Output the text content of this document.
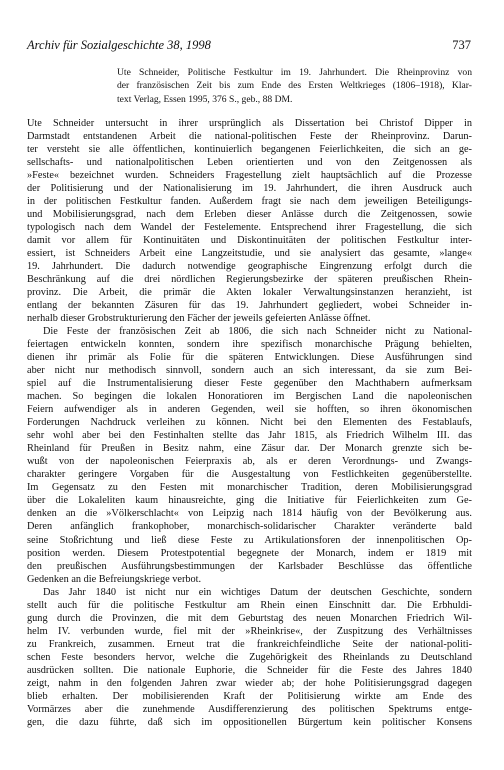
Archiv für Sozialgeschichte 38, 1998	737
Ute Schneider, Politische Festkultur im 19. Jahrhundert. Die Rheinprovinz von
der französischen Zeit bis zum Ende des Ersten Weltkrieges (1806–1918), Klar-
text Verlag, Essen 1995, 376 S., geb., 88 DM.

Ute Schneider untersucht in ihrer ursprünglich als Dissertation bei Christof Dipper in
Darmstadt entstandenen Arbeit die national-politischen Feste der Rheinprovinz. Darun-
ter versteht sie alle öffentlichen, kontinuierlich begangenen Feierlichkeiten, die sich an ge-
sellschafts- und nationalpolitischen Leben orientierten und von den Zeitgenossen als
»Feste« bezeichnet wurden. Schneiders Fragestellung zielt hauptsächlich auf die Prozesse
der Politisierung und der Nationalisierung im 19. Jahrhundert, die ihren Ausdruck auch
in der politischen Festkultur fanden. Außerdem fragt sie nach dem jeweiligen Beteiligungs-
und Mobilisierungsgrad, nach dem Erleben dieser Anlässe durch die Zeitgenossen, sowie
typologisch nach dem Wandel der Festelemente. Entsprechend ihrer Fragestellung, die sich
damit vor allem für Kontinuitäten und Diskontinuitäten der politischen Festkultur inter-
essiert, ist Schneiders Arbeit eine Langzeitstudie, und sie analysiert das gesamte, »lange«
19. Jahrhundert. Die dadurch notwendige geographische Eingrenzung erfolgt durch die
Beschränkung auf die drei nördlichen Regierungsbezirke der späteren preußischen Rhein-
provinz. Die Arbeit, die primär die Akten lokaler Verwaltungsinstanzen heranzieht, ist
entlang der bekannten Zäsuren für das 19. Jahrhundert gegliedert, wobei Schneider in-
nerhalb dieser Grobstrukturierung den Fächer der jeweils gefeierten Anlässe öffnet.

Die Feste der französischen Zeit ab 1806, die sich nach Schneider nicht zu National-
feiertagen entwickeln konnten, sondern ihre spezifisch monarchische Prägung behielten,
dienen ihr primär als Folie für die späteren Entwicklungen. Diese Ausführungen sind
aber nicht nur methodisch sinnvoll, sondern auch an sich interessant, da sie zum Bei-
spiel auf die Instrumentalisierung dieser Feste gegenüber den Machthabern aufmerksam
machen. So begingen die lokalen Honoratioren im Bergischen Land die napoleonischen
Feiern aufwendiger als in anderen Gegenden, weil sie hofften, so ihren ökonomischen
Forderungen Nachdruck verleihen zu können. Nicht bei den Elementen des Festablaufs,
sehr wohl aber bei den Festinhalten stellte das Jahr 1815, als Friedrich Wilhelm III. das
Rheinland für Preußen in Besitz nahm, eine Zäsur dar. Der Monarch grenzte sich be-
wußt von der napoleonischen Feierpraxis ab, als er deren Verordnungs- und Zwangs-
charakter geringere Vorgaben für die Ausgestaltung von Festlichkeiten gegenüberstellte.
Im Gegensatz zu den Festen mit monarchischer Tradition, deren Mobilisierungsgrad
über die Lokaleliten kaum hinausreichte, ging die Initiative für Feierlichkeiten zum Ge-
denken an die »Völkerschlacht« von Leipzig nach 1814 häufig von der Bevölkerung aus.
Deren anfänglich frankophober, monarchisch-solidarischer Charakter veränderte bald
seine Stoßrichtung und ließ diese Feste zu Artikulationsforen der innenpolitischen Op-
position werden. Diesem Protestpotential begegnete der Monarch, indem er 1819 mit
den preußischen Ausführungsbestimmungen der Karlsbader Beschlüsse das öffentliche
Gedenken an die Befreiungskriege verbot.

Das Jahr 1840 ist nicht nur ein wichtiges Datum der deutschen Geschichte, sondern
stellt auch für die politische Festkultur am Rhein einen Einschnitt dar. Die Erbhuldi-
gung durch die Provinzen, die mit dem Geburtstag des neuen Monarchen Friedrich Wil-
helm IV. verbunden wurde, fiel mit der »Rheinkrise«, der Zuspitzung des Verhältnisses
zu Frankreich, zusammen. Erneut trat die frankreichfeindliche Seite der national-politi-
schen Feste besonders hervor, welche die Zugehörigkeit des Rheinlands zu Deutschland
ausdrücken sollten. Die nationale Euphorie, die Schneider für die Feste des Jahres 1840
zeigt, nahm in den folgenden Jahren zwar wieder ab; der hohe Politisierungsgrad dagegen
blieb erhalten. Der mobilisierenden Kraft der Politisierung wirkte am Ende des
Vormärzes aber die zunehmende Ausdifferenzierung des politischen Spektrums entge-
gen, die dazu führte, daß sich im oppositionellen Bürgertum kein politischer Konsens
